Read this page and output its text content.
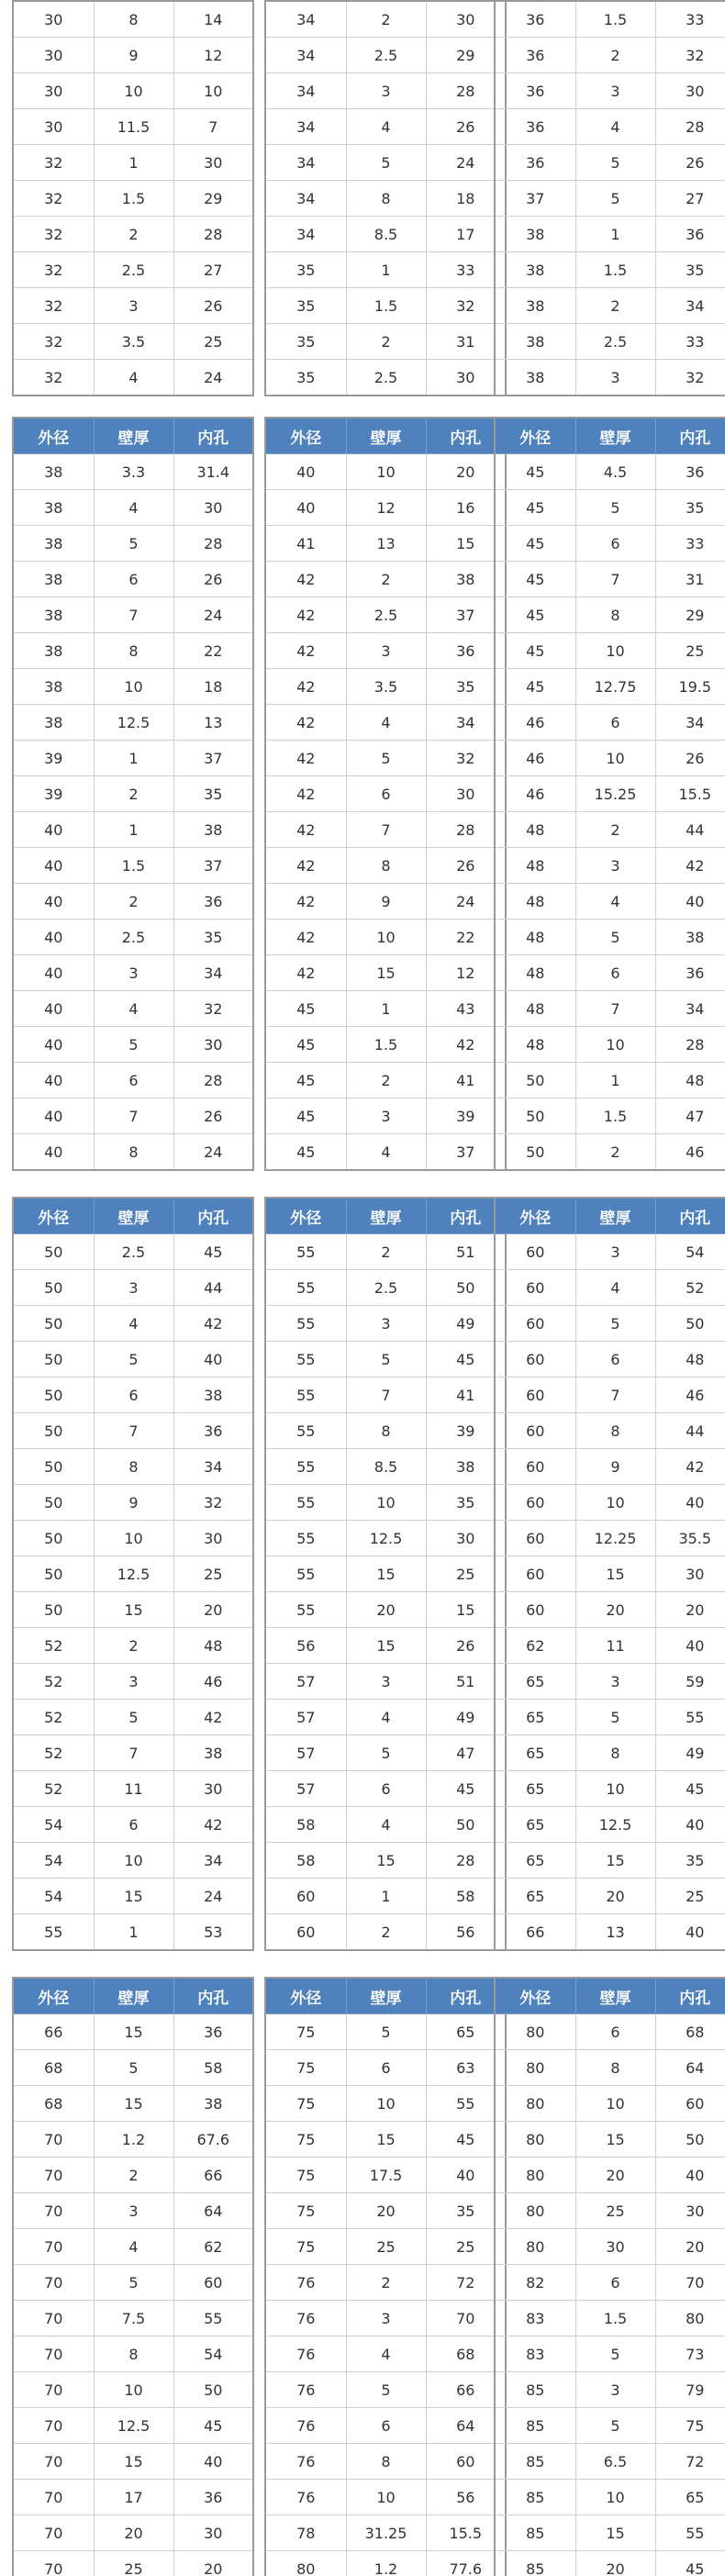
30	8	14
30	9	12
30	10	10
30	11.5	7
32	1	30
32	1.5	29
32	2	28
32	2.5	27
32	3	26
32	3.5	25
32	4	24
34	2	30
34	2.5	29
34	3	28
34	4	26
34	5	24
34	8	18
34	8.5	17
35	1	33
35	1.5	32
35	2	31
35	2.5	30
36	1.5	33
36	2	32
36	3	30
36	4	28
36	5	26
37	5	27
38	1	36
38	1.5	35
38	2	34
38	2.5	33
38	3	32
外径	壁厚	内孔
38	3.3	31.4
38	4	30
38	5	28
38	6	26
38	7	24
38	8	22
38	10	18
38	12.5	13
39	1	37
39	2	35
40	1	38
40	1.5	37
40	2	36
40	2.5	35
40	3	34
40	4	32
40	5	30
40	6	28
40	7	26
40	8	24
外径	壁厚	内孔
40	10	20
40	12	16
41	13	15
42	2	38
42	2.5	37
42	3	36
42	3.5	35
42	4	34
42	5	32
42	6	30
42	7	28
42	8	26
42	9	24
42	10	22
42	15	12
45	1	43
45	1.5	42
45	2	41
45	3	39
45	4	37
外径	壁厚	内孔
45	4.5	36
45	5	35
45	6	33
45	7	31
45	8	29
45	10	25
45	12.75	19.5
46	6	34
46	10	26
46	15.25	15.5
48	2	44
48	3	42
48	4	40
48	5	38
48	6	36
48	7	34
48	10	28
50	1	48
50	1.5	47
50	2	46
外径	壁厚	内孔
50	2.5	45
50	3	44
50	4	42
50	5	40
50	6	38
50	7	36
50	8	34
50	9	32
50	10	30
50	12.5	25
50	15	20
52	2	48
52	3	46
52	5	42
52	7	38
52	11	30
54	6	42
54	10	34
54	15	24
55	1	53
外径	壁厚	内孔
55	2	51
55	2.5	50
55	3	49
55	5	45
55	7	41
55	8	39
55	8.5	38
55	10	35
55	12.5	30
55	15	25
55	20	15
56	15	26
57	3	51
57	4	49
57	5	47
57	6	45
58	4	50
58	15	28
60	1	58
60	2	56
外径	壁厚	内孔
60	3	54
60	4	52
60	5	50
60	6	48
60	7	46
60	8	44
60	9	42
60	10	40
60	12.25	35.5
60	15	30
60	20	20
62	11	40
65	3	59
65	5	55
65	8	49
65	10	45
65	12.5	40
65	15	35
65	20	25
66	13	40
外径	壁厚	内孔
66	15	36
68	5	58
68	15	38
70	1.2	67.6
70	2	66
70	3	64
70	4	62
70	5	60
70	7.5	55
70	8	54
70	10	50
70	12.5	45
70	15	40
70	17	36
70	20	30
70	25	20
外径	壁厚	内孔
75	5	65
75	6	63
75	10	55
75	15	45
75	17.5	40
75	20	35
75	25	25
76	2	72
76	3	70
76	4	68
76	5	66
76	6	64
76	8	60
76	10	56
78	31.25	15.5
80	1.2	77.6
外径	壁厚	内孔
80	6	68
80	8	64
80	10	60
80	15	50
80	20	40
80	25	30
80	30	20
82	6	70
83	1.5	80
83	5	73
85	3	79
85	5	75
85	6.5	72
85	10	65
85	15	55
85	20	45
